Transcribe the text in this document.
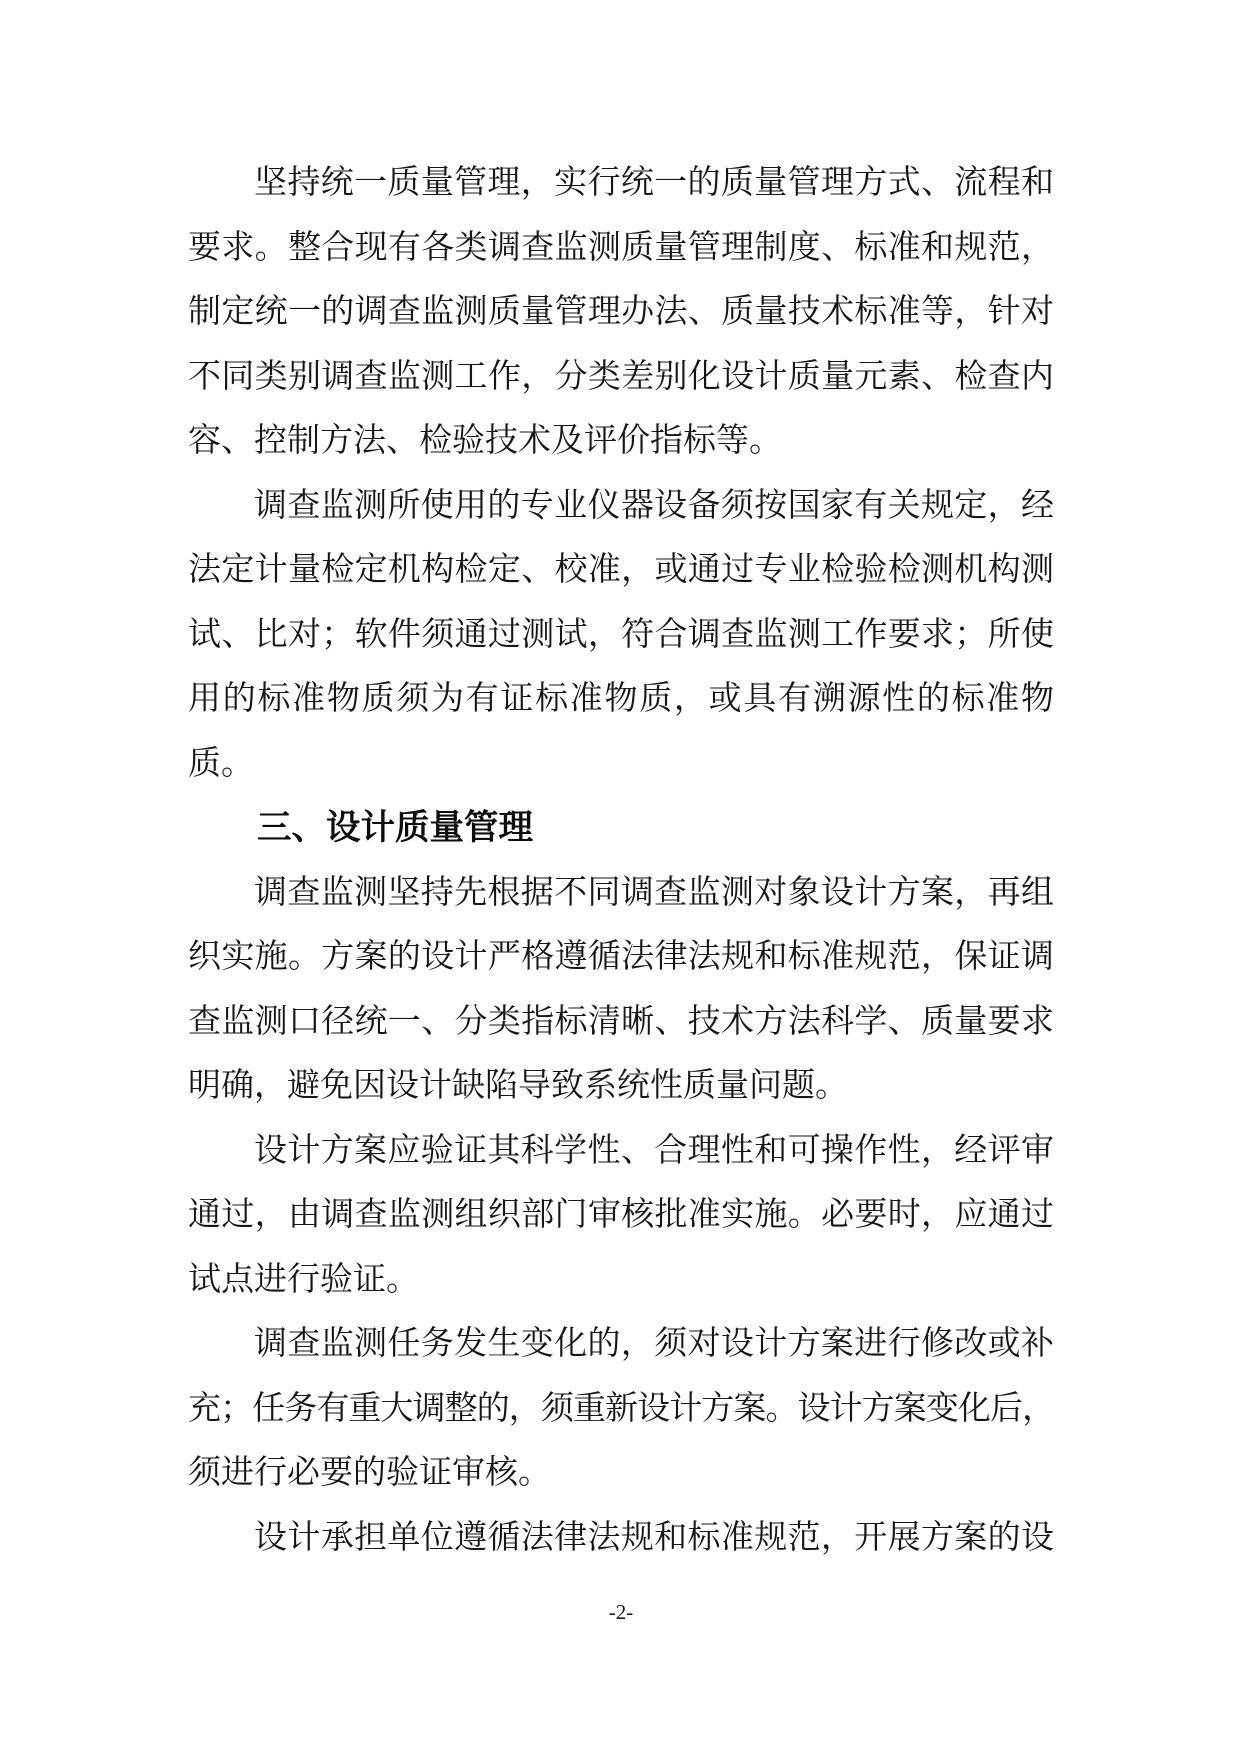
坚持统一质量管理，实行统一的质量管理方式、流程和
要求。整合现有各类调查监测质量管理制度、标准和规范，
制定统一的调查监测质量管理办法、质量技术标准等，针对
不同类别调查监测工作，分类差别化设计质量元素、检查内
容、控制方法、检验技术及评价指标等。
调查监测所使用的专业仪器设备须按国家有关规定，经
法定计量检定机构检定、校准，或通过专业检验检测机构测
试、比对；软件须通过测试，符合调查监测工作要求；所使
用的标准物质须为有证标准物质，或具有溯源性的标准物
质。
三、设计质量管理
调查监测坚持先根据不同调查监测对象设计方案，再组
织实施。方案的设计严格遵循法律法规和标准规范，保证调
查监测口径统一、分类指标清晰、技术方法科学、质量要求
明确，避免因设计缺陷导致系统性质量问题。
设计方案应验证其科学性、合理性和可操作性，经评审
通过，由调查监测组织部门审核批准实施。必要时，应通过
试点进行验证。
调查监测任务发生变化的，须对设计方案进行修改或补
充；任务有重大调整的，须重新设计方案。设计方案变化后，
须进行必要的验证审核。
设计承担单位遵循法律法规和标准规范，开展方案的设
-2-
